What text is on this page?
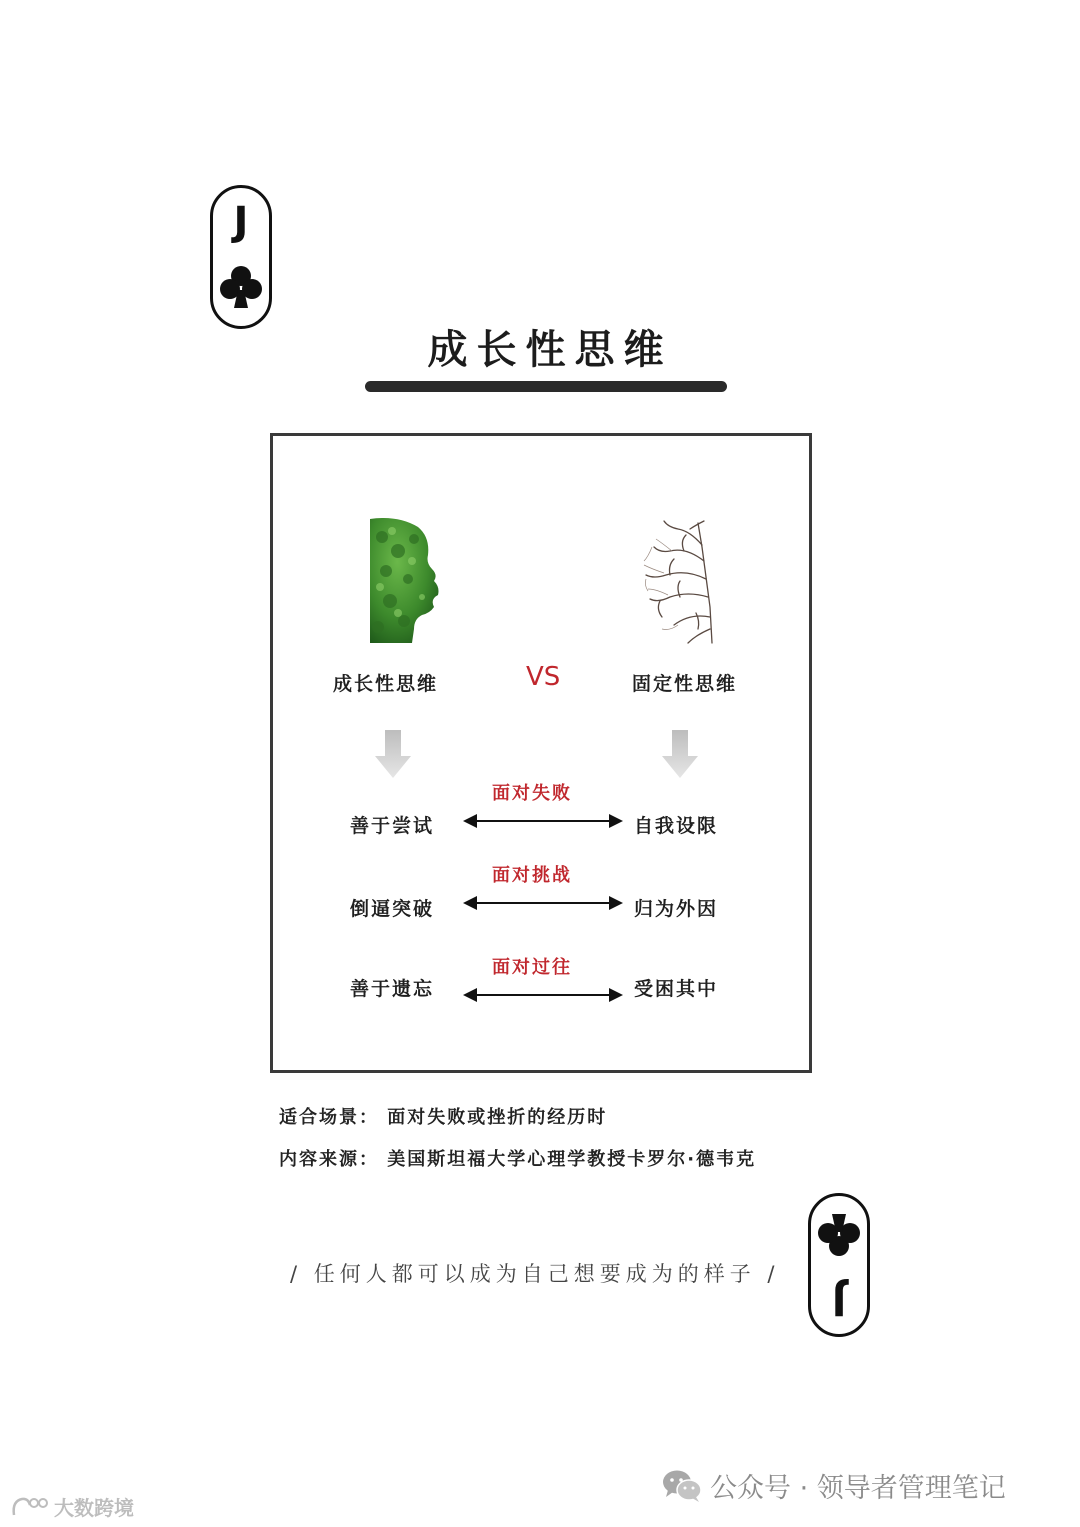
J
成长性思维
成长性思维	VS	固定性思维
面对失败
善于尝试	自我设限
面对挑战
倒逼突破	归为外因
面对过往
善于遗忘	受困其中
适合场景： 面对失败或挫折的经历时
内容来源： 美国斯坦福大学心理学教授卡罗尔·德韦克
/ 任何人都可以成为自己想要成为的样子 /
J
公众号 · 领导者管理笔记
大数跨境
